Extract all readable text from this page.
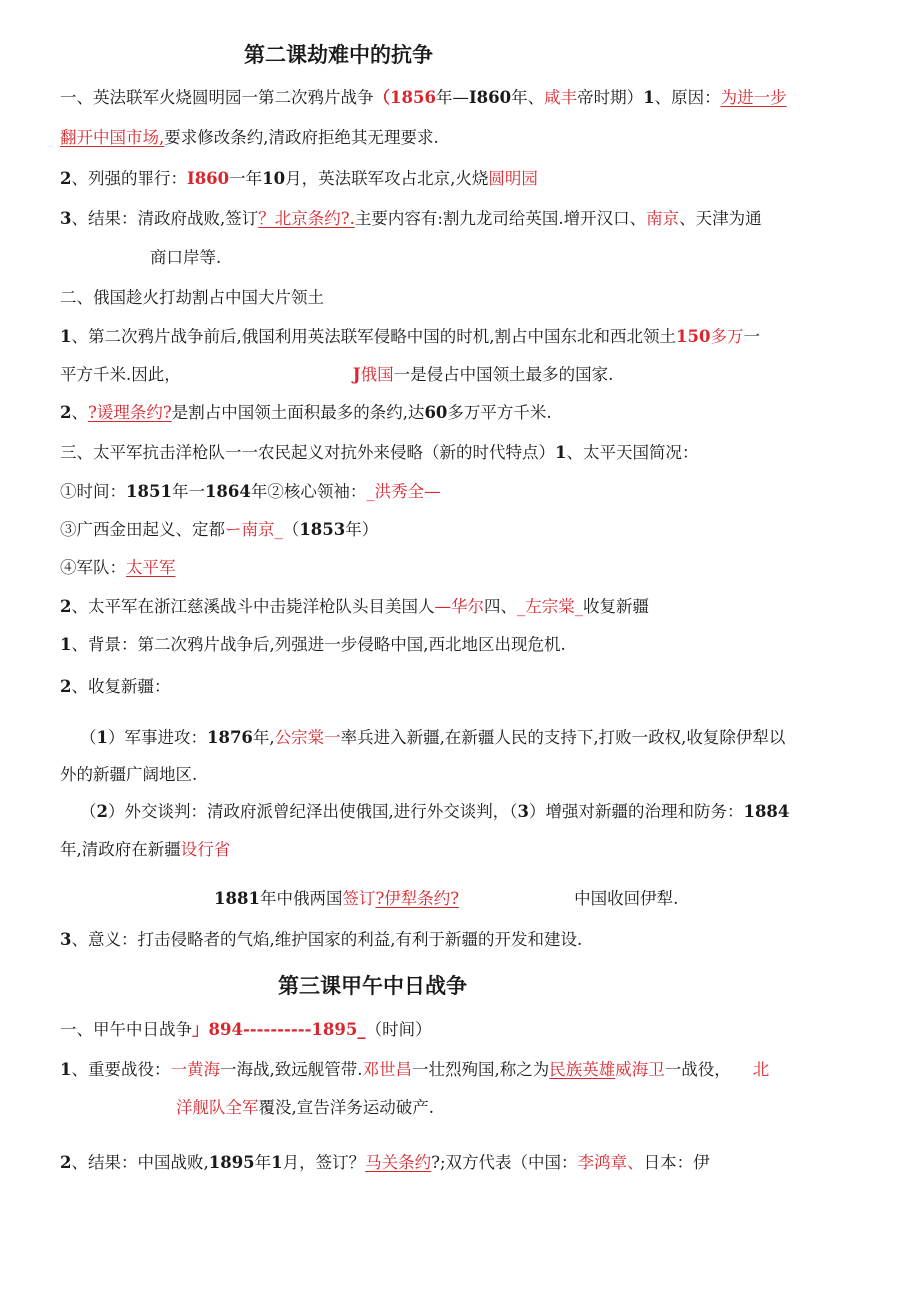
第二课劫难中的抗争
一、英法联军火烧圆明园一第二次鸦片战争（1856年—I860年、咸丰帝时期）1、原因：为进一步
翻开中国市场,要求修改条约,清政府拒绝其无理要求.
2、列强的罪行：I860一年10月，英法联军攻占北京,火烧圆明园
3、结果：清政府战败,签订？北京条约?.主要内容有:割九龙司给英国.增开汉口、南京、天津为通
商口岸等.
二、俄国趁火打劫割占中国大片领土
1、第二次鸦片战争前后,俄国利用英法联军侵略中国的时机,割占中国东北和西北领土150多万一
平方千米.因此，	J俄国一是侵占中国领土最多的国家.
2、?谖理条约?是割占中国领土面积最多的条约,达60多万平方千米.
三、太平军抗击洋枪队一一农民起义对抗外来侵略（新的时代特点）1、太平天国简况：
①时间：1851年一1864年②核心领袖：_洪秀全—
③广西金田起义、定都ー南京_（1853年）
④军队：太平军
2、太平军在浙江慈溪战斗中击毙洋枪队头目美国人—华尔四、_左宗棠_收复新疆
1、背景：第二次鸦片战争后,列强进一步侵略中国,西北地区出现危机.
2、收复新疆：
（1）军事进攻：1876年,公宗棠一率兵进入新疆,在新疆人民的支持下,打败一政权,收复除伊犁以
外的新疆广阔地区.
（2）外交谈判：清政府派曾纪泽出使俄国,进行外交谈判，（3）增强对新疆的治理和防务：1884
年,清政府在新疆设行省
1881年中俄两国签订?伊犁条约?	中国收回伊犁.
3、意义：打击侵略者的气焰,维护国家的利益,有利于新疆的开发和建设.
第三课甲午中日战争
一、甲午中日战争」894----------1895_（时间）
1、重要战役：一黄海一海战,致远舰管带.邓世昌一壮烈殉国,称之为民族英雄威海卫一战役， 北
洋舰队全军覆没,宣告洋务运动破产.
2、结果：中国战败,1895年1月，签订？马关条约?;双方代表（中国：李鸿章、日本：伊
